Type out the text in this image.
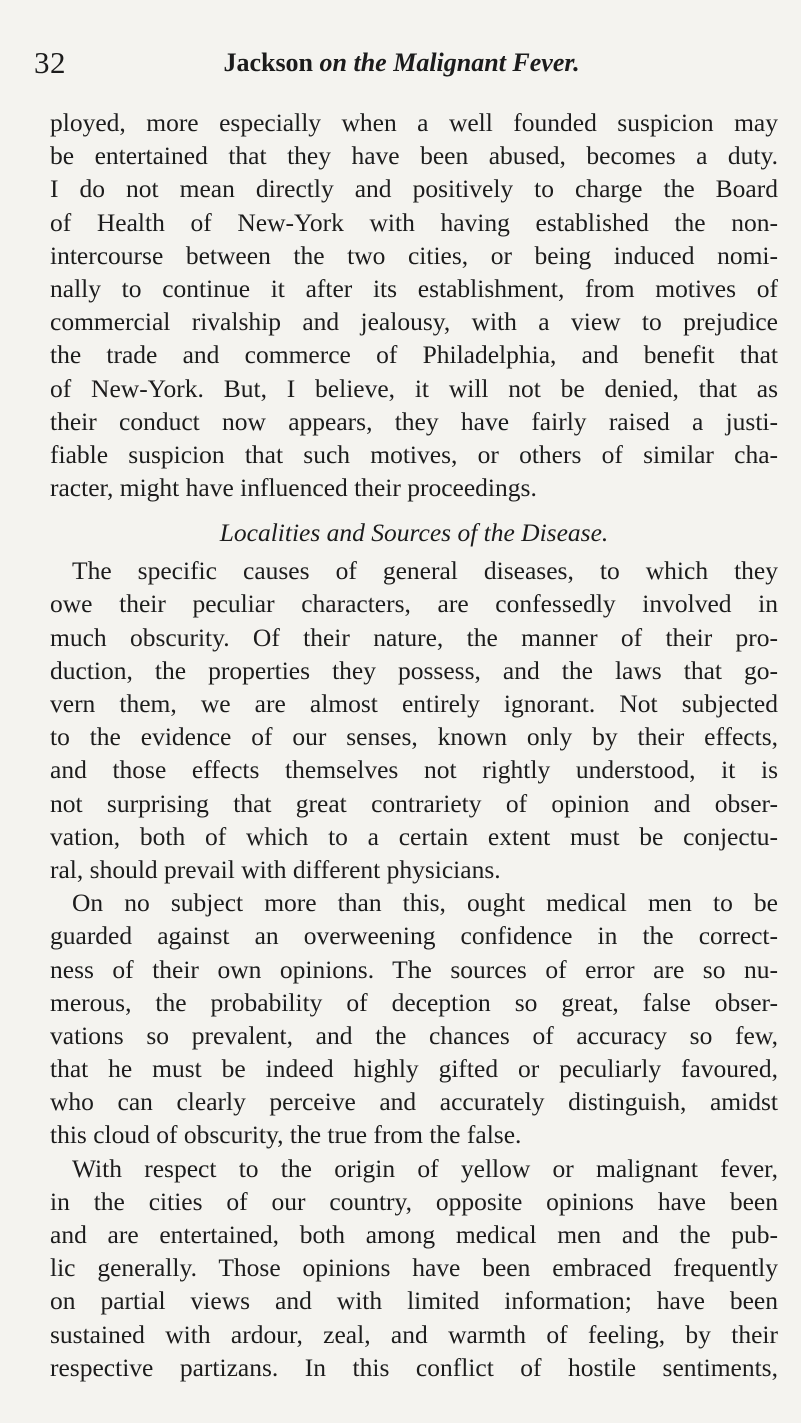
32	Jackson on the Malignant Fever.
ployed, more especially when a well founded suspicion may
be entertained that they have been abused, becomes a duty.
I do not mean directly and positively to charge the Board
of Health of New-York with having established the non-
intercourse between the two cities, or being induced nomi-
nally to continue it after its establishment, from motives of
commercial rivalship and jealousy, with a view to prejudice
the trade and commerce of Philadelphia, and benefit that
of New-York. But, I believe, it will not be denied, that as
their conduct now appears, they have fairly raised a justi-
fiable suspicion that such motives, or others of similar cha-
racter, might have influenced their proceedings.
Localities and Sources of the Disease.
The specific causes of general diseases, to which they
owe their peculiar characters, are confessedly involved in
much obscurity. Of their nature, the manner of their pro-
duction, the properties they possess, and the laws that go-
vern them, we are almost entirely ignorant. Not subjected
to the evidence of our senses, known only by their effects,
and those effects themselves not rightly understood, it is
not surprising that great contrariety of opinion and obser-
vation, both of which to a certain extent must be conjectu-
ral, should prevail with different physicians.
On no subject more than this, ought medical men to be
guarded against an overweening confidence in the correct-
ness of their own opinions. The sources of error are so nu-
merous, the probability of deception so great, false obser-
vations so prevalent, and the chances of accuracy so few,
that he must be indeed highly gifted or peculiarly favoured,
who can clearly perceive and accurately distinguish, amidst
this cloud of obscurity, the true from the false.
With respect to the origin of yellow or malignant fever,
in the cities of our country, opposite opinions have been
and are entertained, both among medical men and the pub-
lic generally. Those opinions have been embraced frequently
on partial views and with limited information; have been
sustained with ardour, zeal, and warmth of feeling, by their
respective partizans. In this conflict of hostile sentiments,
